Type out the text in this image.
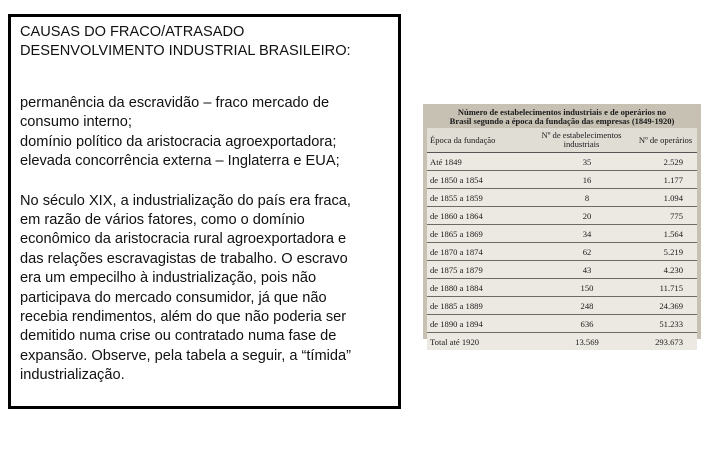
CAUSAS DO FRACO/ATRASADO

DESENVOLVIMENTO INDUSTRIAL BRASILEIRO:

permanência da escravidão – fraco mercado de

consumo interno;

domínio político da aristocracia agroexportadora;

elevada concorrência externa – Inglaterra e EUA;

No século XIX, a industrialização do país era fraca,

em razão de vários fatores, como o domínio

econômico da aristocracia rural agroexportadora e

das relações escravagistas de trabalho. O escravo

era um empecilho à industrialização, pois não

participava do mercado consumidor, já que não

recebia rendimentos, além do que não poderia ser

demitido numa crise ou contratado numa fase de

expansão. Observe, pela tabela a seguir, a “tímida”

industrialização.

Número de estabelecimentos industriais e de operários no
Brasil segundo a época da fundação das empresas (1849-1920)
Época da fundação	Nº de estabelecimentos industriais	Nº de operários
Até 1849	35	2.529
de 1850 a 1854	16	1.177
de 1855 a 1859	8	1.094
de 1860 a 1864	20	775
de 1865 a 1869	34	1.564
de 1870 a 1874	62	5.219
de 1875 a 1879	43	4.230
de 1880 a 1884	150	11.715
de 1885 a 1889	248	24.369
de 1890 a 1894	636	51.233
Total até 1920	13.569	293.673
